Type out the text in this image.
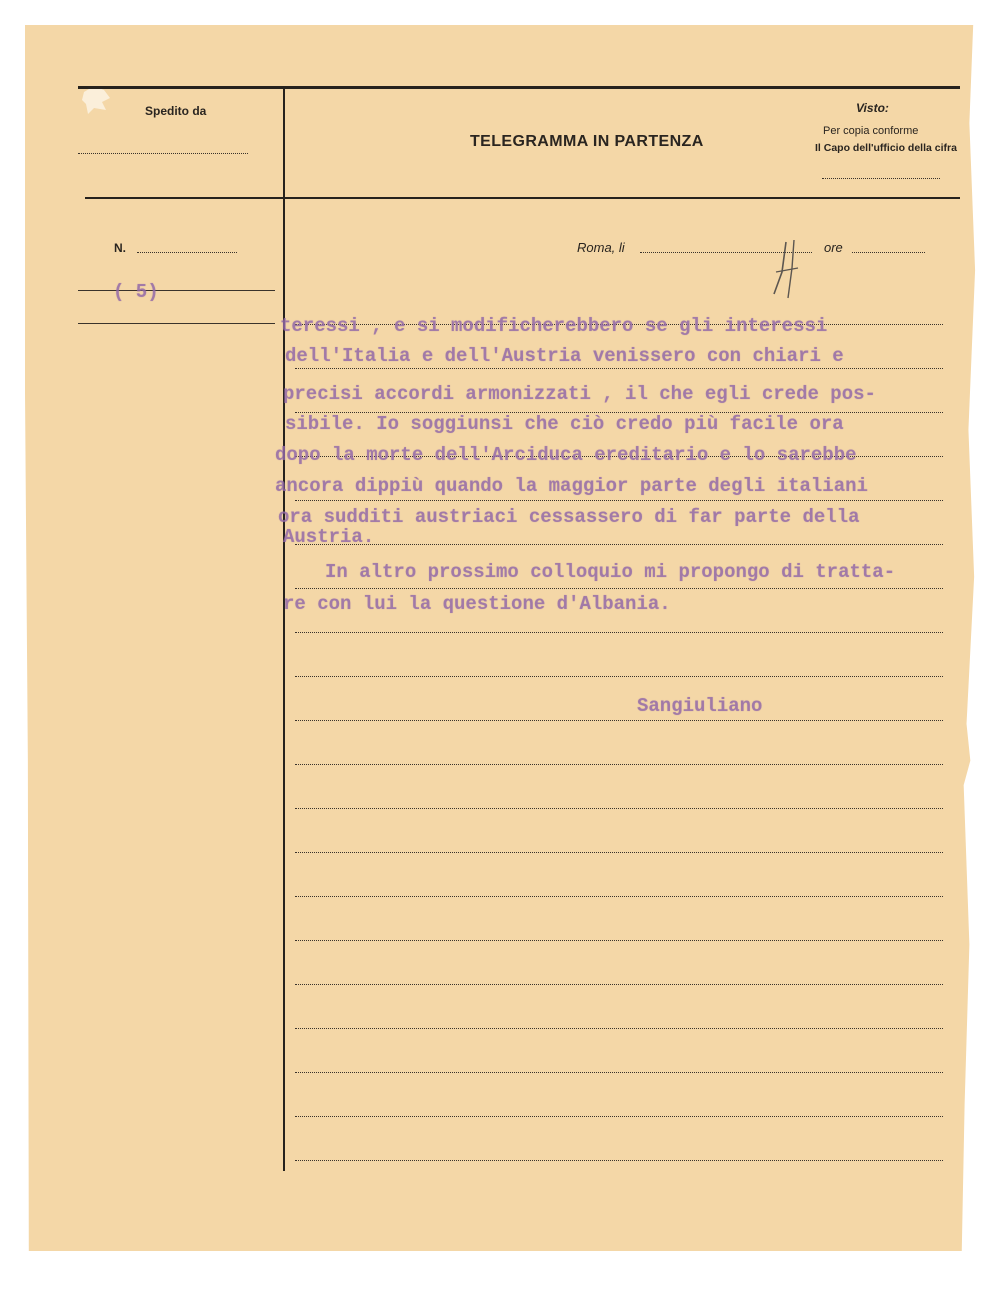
Spedito da
TELEGRAMMA IN PARTENZA
Visto:
Per copia conforme
Il Capo dell'ufficio della cifra
N.	Roma, li	ore
( 5)
teressi , e si modificherebbero se gli interessi
dell'Italia e dell'Austria venissero con chiari e
precisi accordi armonizzati , il che egli crede pos-
sibile. Io soggiunsi che ciò credo più facile ora
dopo la morte dell'Arciduca ereditario e lo sarebbe
ancora dippiù quando la maggior parte degli italiani
ora sudditi austriaci cessassero di far parte della
Austria.
In altro prossimo colloquio mi propongo di tratta-
re con lui la questione d'Albania.
Sangiuliano
